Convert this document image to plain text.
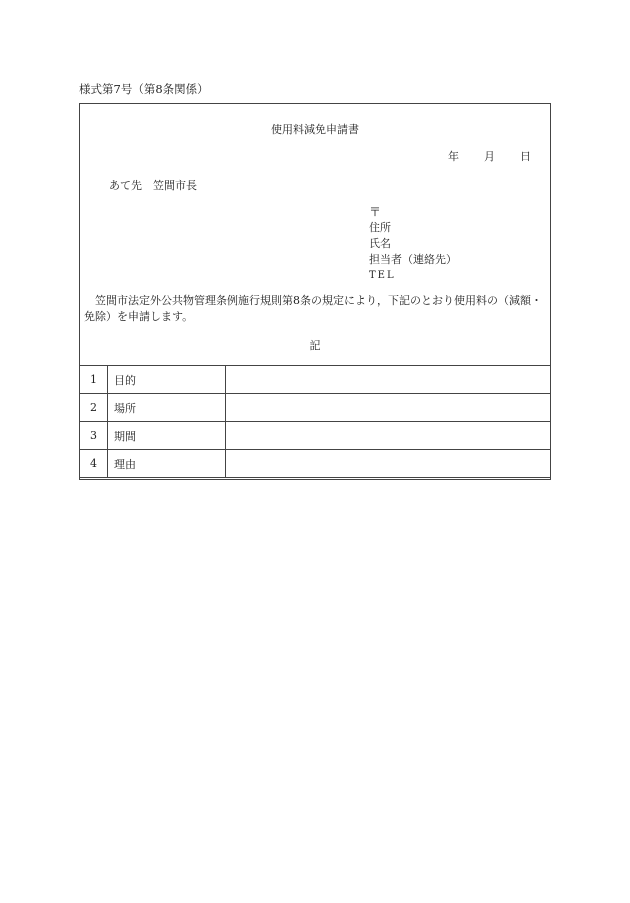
様式第7号（第8条関係）
使用料減免申請書
年 月 日
あて先 笠間市長
〒
住所
氏名
担当者（連絡先）
TEL
笠間市法定外公共物管理条例施行規則第8条の規定により，下記のとおり使用料の（減額・免除）を申請します。
記
1	目的	
2	場所	
3	期間	
4	理由	
